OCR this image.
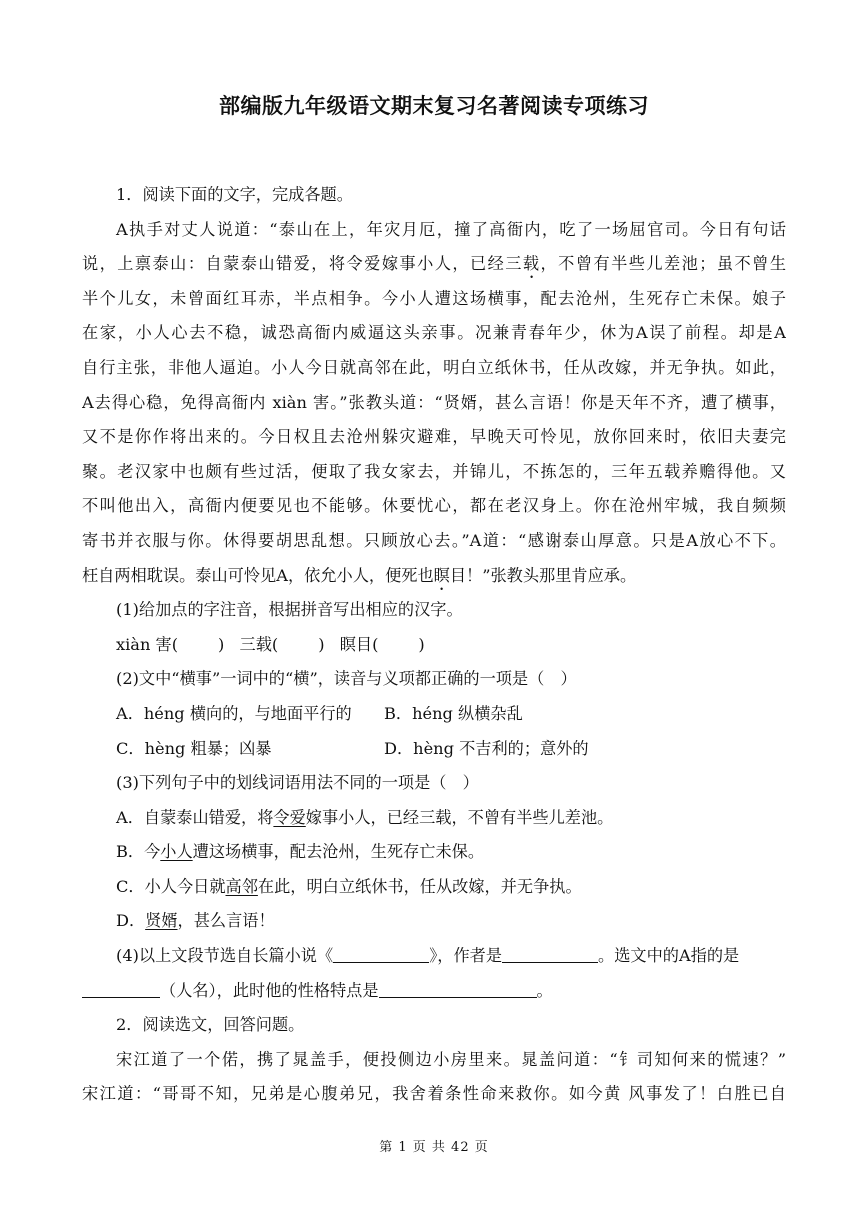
部编版九年级语文期末复习名著阅读专项练习
1．阅读下面的文字，完成各题。
A执手对丈人说道：“泰山在上，年灾月厄，撞了高衙内，吃了一场屈官司。今日有句话
说，上禀泰山：自蒙泰山错爱，将令爱嫁事小人，已经三载，不曾有半些儿差池；虽不曾生
半个儿女，未曾面红耳赤，半点相争。今小人遭这场横事，配去沧州，生死存亡未保。娘子
在家，小人心去不稳，诚恐高衙内威逼这头亲事。况兼青春年少，休为A误了前程。却是A
自行主张，非他人逼迫。小人今日就高邻在此，明白立纸休书，任从改嫁，并无争执。如此，
A去得心稳，免得高衙内 xiàn 害。”张教头道：“贤婿，甚么言语！你是天年不齐，遭了横事，
又不是你作将出来的。今日权且去沧州躲灾避难，早晚天可怜见，放你回来时，依旧夫妻完
聚。老汉家中也颇有些过活，便取了我女家去，并锦儿，不拣怎的，三年五载养赡得他。又
不叫他出入，高衙内便要见也不能够。休要忧心，都在老汉身上。你在沧州牢城，我自频频
寄书并衣服与你。休得要胡思乱想。只顾放心去。”A道：“感谢泰山厚意。只是A放心不下。
枉自两相耽误。泰山可怜见A，依允小人，便死也瞑目！”张教头那里肯应承。
(1)给加点的字注音，根据拼音写出相应的汉字。
xiàn 害( ) 三载( ) 瞑目( )
(2)文中“横事”一词中的“横”，读音与义项都正确的一项是（　）
A．héng 横向的，与地面平行的 B．héng 纵横杂乱
C．hèng 粗暴；凶暴	D．hèng 不吉利的；意外的
(3)下列句子中的划线词语用法不同的一项是（　）
A．自蒙泰山错爱，将令爱嫁事小人，已经三载，不曾有半些儿差池。
B．今小人遭这场横事，配去沧州，生死存亡未保。
C．小人今日就高邻在此，明白立纸休书，任从改嫁，并无争执。
D．贤婿，甚么言语！
(4)以上文段节选自长篇小说《	》，作者是	。选文中的A指的是
（人名），此时他的性格特点是	。
2．阅读选文，回答问题。
宋江道了一个偌，携了晁盖手，便投侧边小房里来。晁盖问道：“钅司知何来的慌速？”
宋江道：“哥哥不知，兄弟是心腹弟兄，我舍着条性命来救你。如今黄 风事发了！白胜已自
第 1 页 共 42 页
